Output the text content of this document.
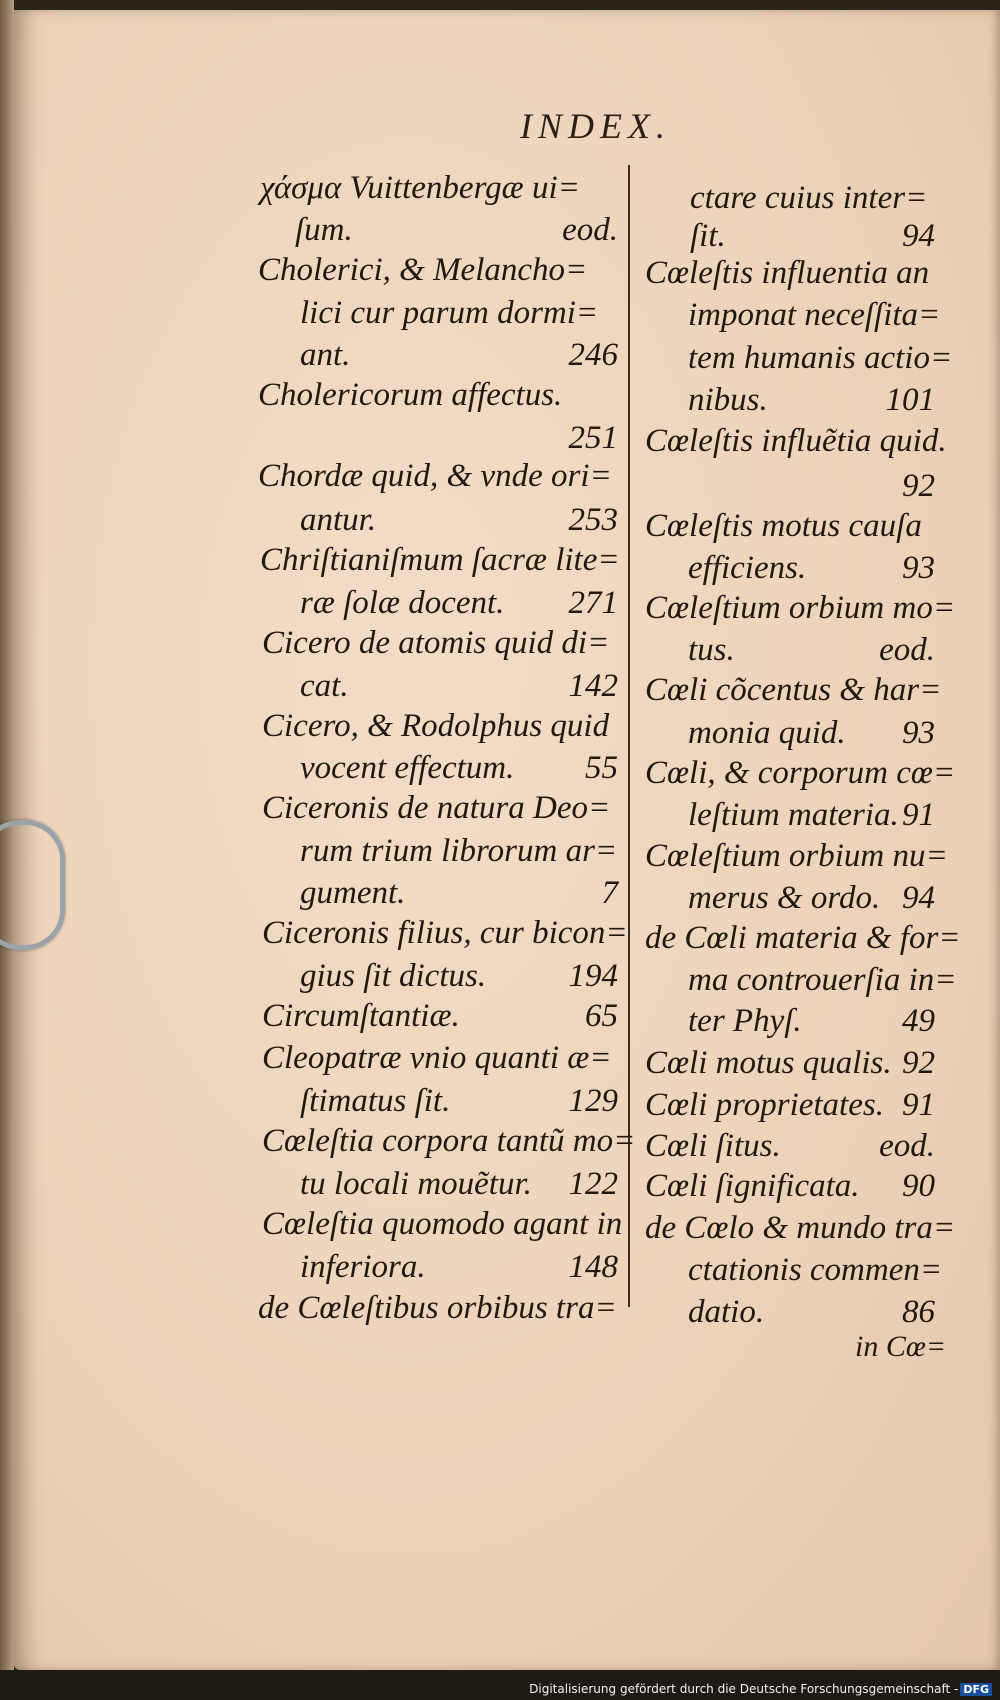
INDEX.
χάσμα Vuittenbergæ ui=
ſum.	eod.
Cholerici, & Melancho=
lici cur parum dormi=
ant.	246
Cholericorum affectus.
251
Chordæ quid, & vnde ori=
antur.	253
Chriſtianiſmum ſacræ lite=
ræ ſolæ docent. 271
Cicero de atomis quid di=
cat.	142
Cicero, & Rodolphus quid
vocent effectum. 55
Ciceronis de natura Deo=
rum trium librorum ar=
gument.	7
Ciceronis filius, cur bicon=
gius ſit dictus. 194
Circumſtantiæ.	65
Cleopatræ vnio quanti æ=
ſtimatus ſit.	129
Cœleſtia corpora tantũ mo=
tu locali mouẽtur. 122
Cœleſtia quomodo agant in
inferiora.	148
de Cœleſtibus orbibus tra=
ctare cuius inter=
ſit.	94
Cœleſtis influentia an
imponat neceſſita=
tem humanis actio=
nibus.	101
Cœleſtis influẽtia quid.
92
Cœleſtis motus cauſa
efficiens.	93
Cœleſtium orbium mo=
tus.	eod.
Cœli cõcentus & har=
monia quid. 93
Cœli, & corporum cœ=
leſtium materia. 91
Cœleſtium orbium nu=
merus & ordo. 94
de Cœli materia & for=
ma controuerſia in=
ter Phyſ.	49
Cœli motus qualis. 92
Cœli proprietates. 91
Cœli ſitus.	eod.
Cœli ſignificata. 90
de Cœlo & mundo tra=
ctationis commen=
datio.	86
in Cœ=
Digitalisierung gefördert durch die Deutsche Forschungsgemeinschaft - DFG
